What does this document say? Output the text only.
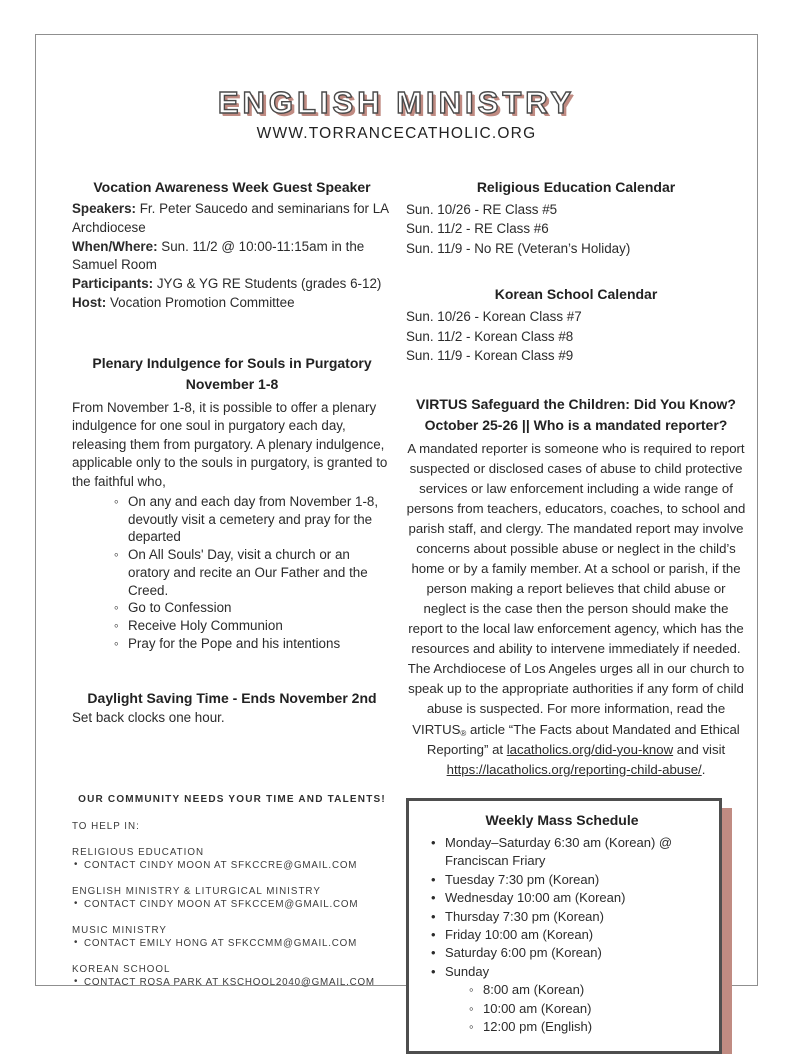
ENGLISH MINISTRY
WWW.TORRANCECATHOLIC.ORG
Vocation Awareness Week Guest Speaker

Speakers: Fr. Peter Saucedo and seminarians for LA Archdiocese

When/Where: Sun. 11/2 @ 10:00-11:15am in the Samuel Room

Participants: JYG & YG RE Students (grades 6-12)

Host: Vocation Promotion Committee

Plenary Indulgence for Souls in Purgatory
November 1-8

From November 1-8, it is possible to offer a plenary indulgence for one soul in purgatory each day, releasing them from purgatory. A plenary indulgence, applicable only to the souls in purgatory, is granted to the faithful who,

◦ On any and each day from November 1-8, devoutly visit a cemetery and pray for the departed
◦ On All Souls' Day, visit a church or an oratory and recite an Our Father and the Creed.
◦ Go to Confession
◦ Receive Holy Communion
◦ Pray for the Pope and his intentions
Daylight Saving Time - Ends November 2nd

Set back clocks one hour.

OUR COMMUNITY NEEDS YOUR TIME AND TALENTS!
TO HELP IN:
RELIGIOUS EDUCATION
• CONTACT CINDY MOON AT SFKCCRE@GMAIL.COM
ENGLISH MINISTRY & LITURGICAL MINISTRY
• CONTACT CINDY MOON AT SFKCCEM@GMAIL.COM
MUSIC MINISTRY
• CONTACT EMILY HONG AT SFKCCMM@GMAIL.COM
KOREAN SCHOOL
• CONTACT ROSA PARK AT KSCHOOL2040@GMAIL.COM
Religious Education Calendar

Sun. 10/26 - RE Class #5

Sun. 11/2 - RE Class #6

Sun. 11/9 - No RE (Veteran’s Holiday)

Korean School Calendar

Sun. 10/26 - Korean Class #7

Sun. 11/2 - Korean Class #8

Sun. 11/9 - Korean Class #9

VIRTUS Safeguard the Children: Did You Know?
October 25-26 || Who is a mandated reporter?

A mandated reporter is someone who is required to report suspected or disclosed cases of abuse to child protective services or law enforcement including a wide range of persons from teachers, educators, coaches, to school and parish staff, and clergy. The mandated report may involve concerns about possible abuse or neglect in the child’s home or by a family member. At a school or parish, if the person making a report believes that child abuse or neglect is the case then the person should make the report to the local law enforcement agency, which has the resources and ability to intervene immediately if needed. The Archdiocese of Los Angeles urges all in our church to speak up to the appropriate authorities if any form of child abuse is suspected. For more information, read the VIRTUS® article “The Facts about Mandated and Ethical Reporting” at lacatholics.org/did-you-know and visit https://lacatholics.org/reporting-child-abuse/.

Weekly Mass Schedule
• Monday–Saturday 6:30 am (Korean) @ Franciscan Friary
• Tuesday 7:30 pm (Korean)
• Wednesday 10:00 am (Korean)
• Thursday 7:30 pm (Korean)
• Friday 10:00 am (Korean)
• Saturday 6:00 pm (Korean)
• Sunday
◦ 8:00 am (Korean)
◦ 10:00 am (Korean)
◦ 12:00 pm (English)
